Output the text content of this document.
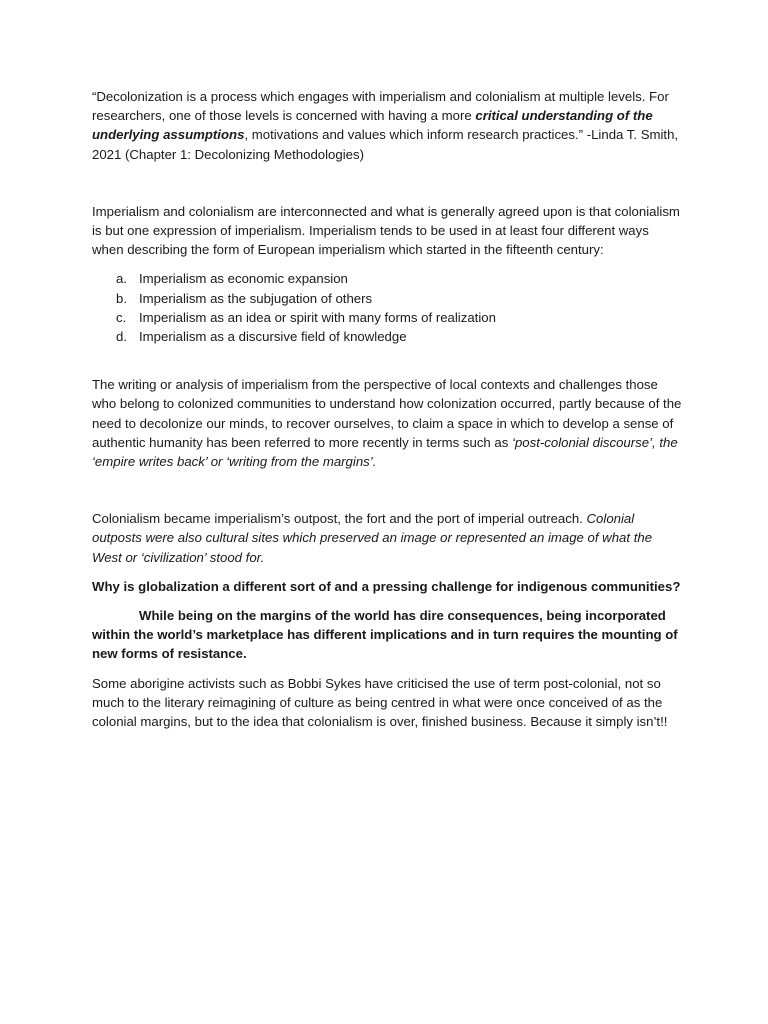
“Decolonization is a process which engages with imperialism and colonialism at multiple levels. For researchers, one of those levels is concerned with having a more critical understanding of the underlying assumptions, motivations and values which inform research practices.” -Linda T. Smith, 2021 (Chapter 1: Decolonizing Methodologies)

Imperialism and colonialism are interconnected and what is generally agreed upon is that colonialism is but one expression of imperialism. Imperialism tends to be used in at least four different ways when describing the form of European imperialism which started in the fifteenth century:

a. Imperialism as economic expansion
b. Imperialism as the subjugation of others
c. Imperialism as an idea or spirit with many forms of realization
d. Imperialism as a discursive field of knowledge

The writing or analysis of imperialism from the perspective of local contexts and challenges those who belong to colonized communities to understand how colonization occurred, partly because of the need to decolonize our minds, to recover ourselves, to claim a space in which to develop a sense of authentic humanity has been referred to more recently in terms such as ‘post-colonial discourse’, the ‘empire writes back’ or ‘writing from the margins’.

Colonialism became imperialism’s outpost, the fort and the port of imperial outreach. Colonial outposts were also cultural sites which preserved an image or represented an image of what the West or ‘civilization’ stood for.

Why is globalization a different sort of and a pressing challenge for indigenous communities?

While being on the margins of the world has dire consequences, being incorporated within the world’s marketplace has different implications and in turn requires the mounting of new forms of resistance.

Some aborigine activists such as Bobbi Sykes have criticised the use of term post-colonial, not so much to the literary reimagining of culture as being centred in what were once conceived of as the colonial margins, but to the idea that colonialism is over, finished business. Because it simply isn’t!!
